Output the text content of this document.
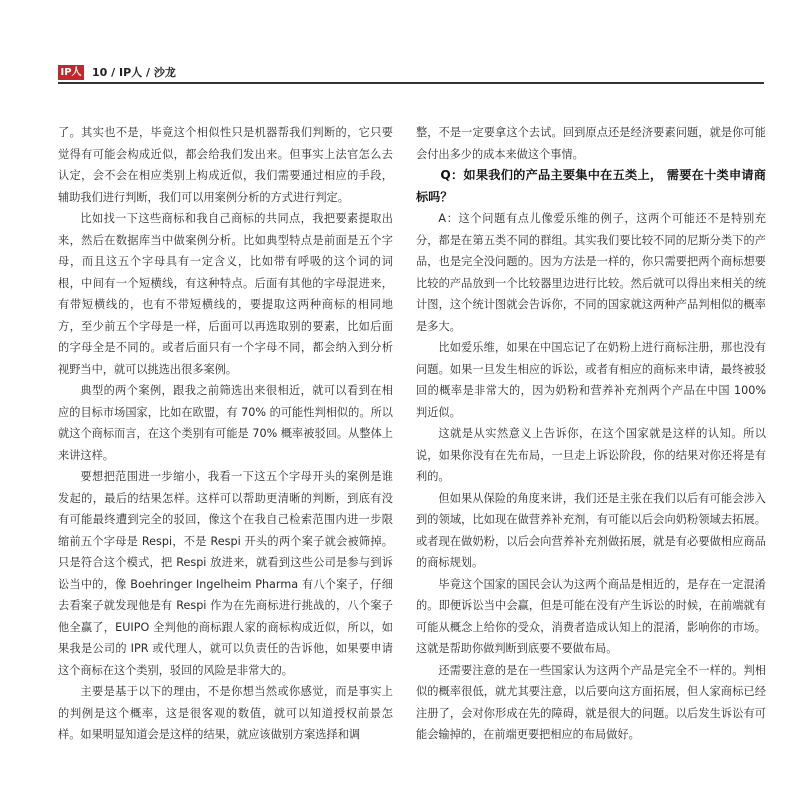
IP人 10 / IP人 / 沙龙

了。其实也不是，毕竟这个相似性只是机器帮我们判断的，它只要觉得有可能会构成近似，都会给我们发出来。但事实上法官怎么去认定，会不会在相应类别上构成近似，我们需要通过相应的手段，辅助我们进行判断，我们可以用案例分析的方式进行判定。

比如找一下这些商标和我自己商标的共同点，我把要素提取出来，然后在数据库当中做案例分析。比如典型特点是前面是五个字母，而且这五个字母具有一定含义，比如带有呼吸的这个词的词根，中间有一个短横线，有这种特点。后面有其他的字母混进来，有带短横线的，也有不带短横线的，要提取这两种商标的相同地方，至少前五个字母是一样，后面可以再选取别的要素，比如后面的字母全是不同的。或者后面只有一个字母不同，都会纳入到分析视野当中，就可以挑选出很多案例。

典型的两个案例，跟我之前筛选出来很相近，就可以看到在相应的目标市场国家，比如在欧盟，有 70% 的可能性判相似的。所以就这个商标而言，在这个类别有可能是 70% 概率被驳回。从整体上来讲这样。

要想把范围进一步缩小，我看一下这五个字母开头的案例是谁发起的，最后的结果怎样。这样可以帮助更清晰的判断，到底有没有可能最终遭到完全的驳回，像这个在我自己检索范围内进一步限缩前五个字母是 Respi，不是 Respi 开头的两个案子就会被筛掉。只是符合这个模式，把 Respi 放进来，就看到这些公司是参与到诉讼当中的，像 Boehringer Ingelheim Pharma 有八个案子，仔细去看案子就发现他是有 Respi 作为在先商标进行挑战的，八个案子他全赢了，EUIPO 全判他的商标跟人家的商标构成近似，所以，如果我是公司的 IPR 或代理人，就可以负责任的告诉他，如果要申请这个商标在这个类别，驳回的风险是非常大的。

主要是基于以下的理由，不是你想当然或你感觉，而是事实上的判例是这个概率，这是很客观的数值，就可以知道授权前景怎样。如果明显知道会是这样的结果，就应该做别方案选择和调

整，不是一定要拿这个去试。回到原点还是经济要素问题，就是你可能会付出多少的成本来做这个事情。

Q：如果我们的产品主要集中在五类上， 需要在十类申请商标吗？

A：这个问题有点儿像爱乐维的例子，这两个可能还不是特别充分，都是在第五类不同的群组。其实我们要比较不同的尼斯分类下的产品，也是完全没问题的。因为方法是一样的，你只需要把两个商标想要比较的产品放到一个比较器里边进行比较。然后就可以得出来相关的统计图，这个统计图就会告诉你，不同的国家就这两种产品判相似的概率是多大。

比如爱乐维，如果在中国忘记了在奶粉上进行商标注册，那也没有问题。如果一旦发生相应的诉讼，或者有相应的商标来申请，最终被驳回的概率是非常大的，因为奶粉和营养补充剂两个产品在中国 100% 判近似。

这就是从实然意义上告诉你，在这个国家就是这样的认知。所以说，如果你没有在先布局，一旦走上诉讼阶段，你的结果对你还将是有利的。

但如果从保险的角度来讲，我们还是主张在我们以后有可能会涉入到的领域，比如现在做营养补充剂，有可能以后会向奶粉领域去拓展。或者现在做奶粉，以后会向营养补充剂做拓展，就是有必要做相应商品的商标规划。

毕竟这个国家的国民会认为这两个商品是相近的，是存在一定混淆的。即便诉讼当中会赢，但是可能在没有产生诉讼的时候，在前端就有可能从概念上给你的受众，消费者造成认知上的混淆，影响你的市场。这就是帮助你做判断到底要不要做布局。

还需要注意的是在一些国家认为这两个产品是完全不一样的。判相似的概率很低，就尤其要注意，以后要向这方面拓展，但人家商标已经注册了，会对你形成在先的障碍，就是很大的问题。以后发生诉讼有可能会输掉的，在前端更要把相应的布局做好。
